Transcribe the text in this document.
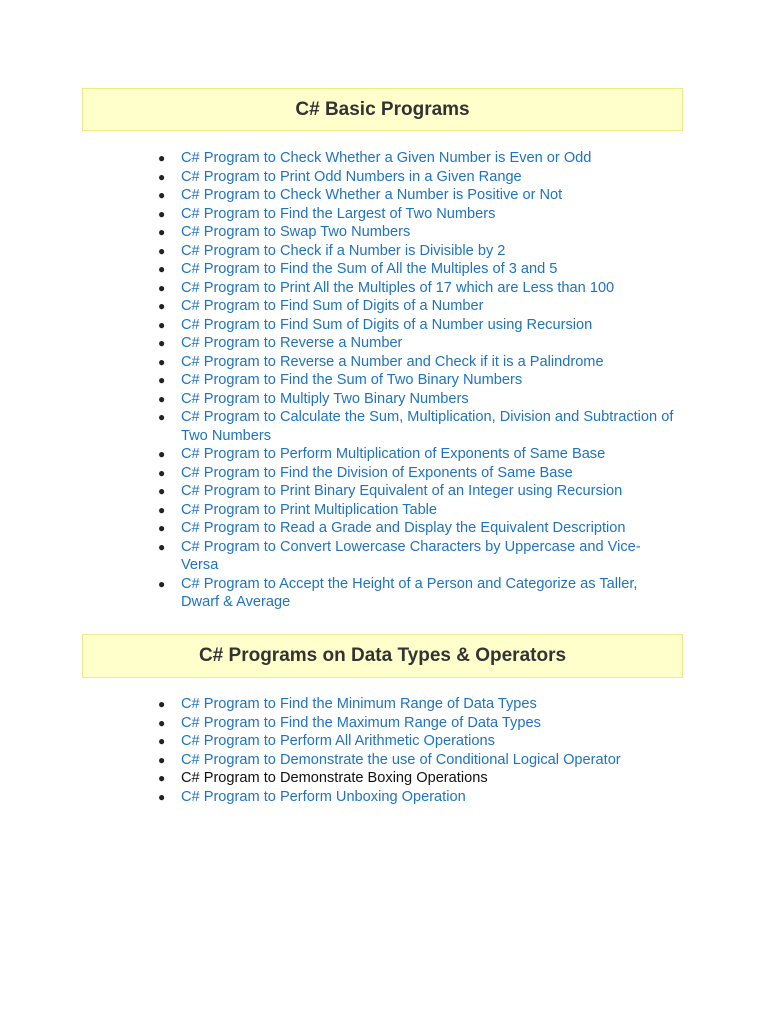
C# Basic Programs
● C# Program to Check Whether a Given Number is Even or Odd
● C# Program to Print Odd Numbers in a Given Range
● C# Program to Check Whether a Number is Positive or Not
● C# Program to Find the Largest of Two Numbers
● C# Program to Swap Two Numbers
● C# Program to Check if a Number is Divisible by 2
● C# Program to Find the Sum of All the Multiples of 3 and 5
● C# Program to Print All the Multiples of 17 which are Less than 100
● C# Program to Find Sum of Digits of a Number
● C# Program to Find Sum of Digits of a Number using Recursion
● C# Program to Reverse a Number
● C# Program to Reverse a Number and Check if it is a Palindrome
● C# Program to Find the Sum of Two Binary Numbers
● C# Program to Multiply Two Binary Numbers
● C# Program to Calculate the Sum, Multiplication, Division and Subtraction of Two Numbers
● C# Program to Perform Multiplication of Exponents of Same Base
● C# Program to Find the Division of Exponents of Same Base
● C# Program to Print Binary Equivalent of an Integer using Recursion
● C# Program to Print Multiplication Table
● C# Program to Read a Grade and Display the Equivalent Description
● C# Program to Convert Lowercase Characters by Uppercase and Vice-Versa
● C# Program to Accept the Height of a Person and Categorize as Taller, Dwarf & Average
C# Programs on Data Types & Operators
● C# Program to Find the Minimum Range of Data Types
● C# Program to Find the Maximum Range of Data Types
● C# Program to Perform All Arithmetic Operations
● C# Program to Demonstrate the use of Conditional Logical Operator
● C# Program to Demonstrate Boxing Operations
● C# Program to Perform Unboxing Operation
